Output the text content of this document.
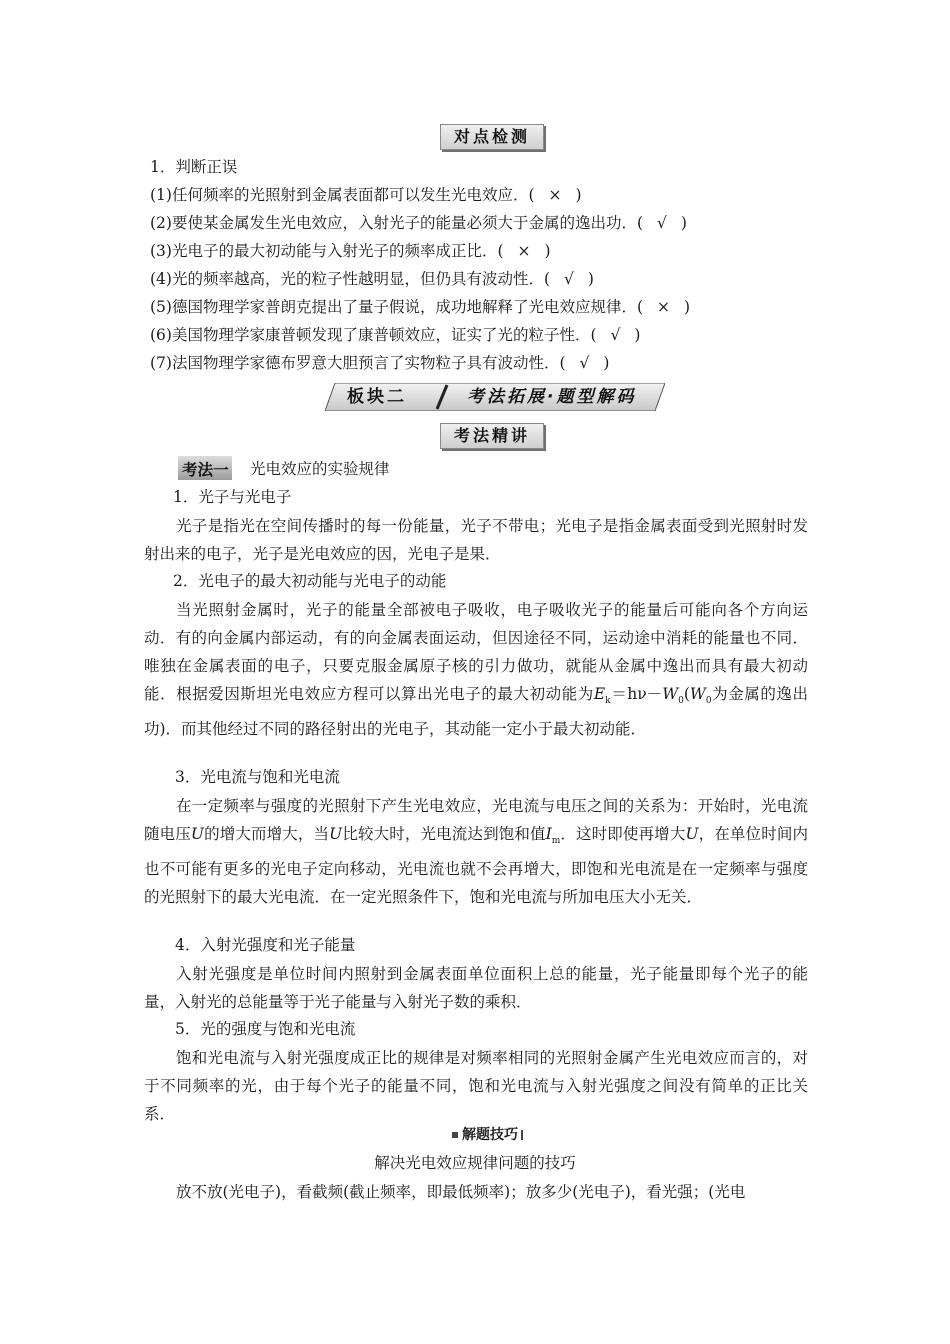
对点检测
1．判断正误
(1)任何频率的光照射到金属表面都可以发生光电效应．( × )
(2)要使某金属发生光电效应，入射光子的能量必须大于金属的逸出功．( √ )
(3)光电子的最大初动能与入射光子的频率成正比．( × )
(4)光的频率越高，光的粒子性越明显，但仍具有波动性．( √ )
(5)德国物理学家普朗克提出了量子假说，成功地解释了光电效应规律．( × )
(6)美国物理学家康普顿发现了康普顿效应，证实了光的粒子性．( √ )
(7)法国物理学家德布罗意大胆预言了实物粒子具有波动性．( √ )
板块二	考法拓展·题型解码
考法精讲
考法一 光电效应的实验规律
1．光子与光电子
光子是指光在空间传播时的每一份能量，光子不带电；光电子是指金属表面受到光照射时发射出来的电子，光子是光电效应的因，光电子是果．
2．光电子的最大初动能与光电子的动能
当光照射金属时，光子的能量全部被电子吸收，电子吸收光子的能量后可能向各个方向运动．有的向金属内部运动，有的向金属表面运动，但因途径不同，运动途中消耗的能量也不同．唯独在金属表面的电子，只要克服金属原子核的引力做功，就能从金属中逸出而具有最大初动能．根据爱因斯坦光电效应方程可以算出光电子的最大初动能为$E_k=h\nu-W_0(W_0$为金属的逸出功)．而其他经过不同的路径射出的光电子，其动能一定小于最大初动能．
3．光电流与饱和光电流
在一定频率与强度的光照射下产生光电效应，光电流与电压之间的关系为：开始时，光电流随电压U的增大而增大，当U比较大时，光电流达到饱和值$I_m$．这时即使再增大U，在单位时间内也不可能有更多的光电子定向移动，光电流也就不会再增大，即饱和光电流是在一定频率与强度的光照射下的最大光电流．在一定光照条件下，饱和光电流与所加电压大小无关．
4．入射光强度和光子能量
入射光强度是单位时间内照射到金属表面单位面积上总的能量，光子能量即每个光子的能量，入射光的总能量等于光子能量与入射光子数的乘积．
5．光的强度与饱和光电流
饱和光电流与入射光强度成正比的规律是对频率相同的光照射金属产生光电效应而言的，对于不同频率的光，由于每个光子的能量不同，饱和光电流与入射光强度之间没有简单的正比关系．
解题技巧
解决光电效应规律问题的技巧
放不放(光电子)，看截频(截止频率，即最低频率)；放多少(光电子)，看光强；(光电
